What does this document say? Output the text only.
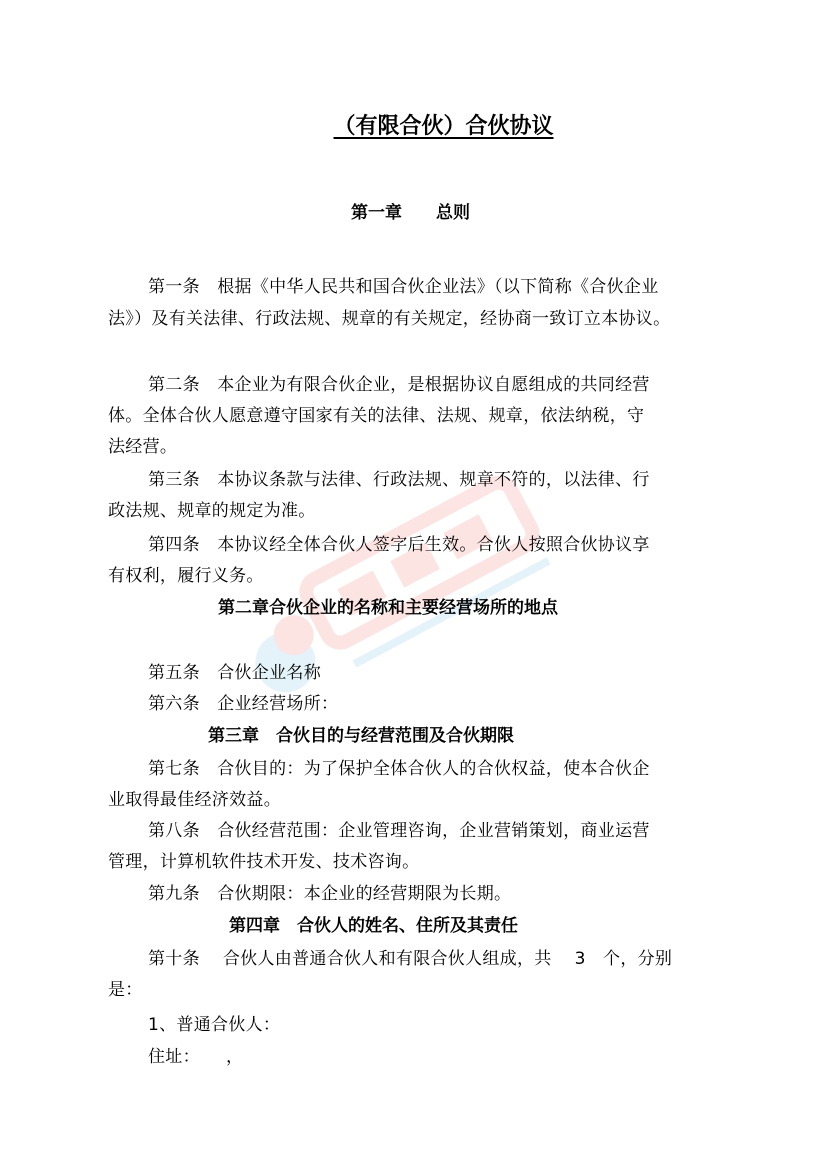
（有限合伙）合伙协议
第一章　　总则
第一条　根据《中华人民共和国合伙企业法》（以下简称《合伙企业
法》）及有关法律、行政法规、规章的有关规定，经协商一致订立本协议。
第二条　本企业为有限合伙企业，是根据协议自愿组成的共同经营
体。全体合伙人愿意遵守国家有关的法律、法规、规章，依法纳税，守
法经营。
第三条　本协议条款与法律、行政法规、规章不符的，以法律、行
政法规、规章的规定为准。
第四条　本协议经全体合伙人签字后生效。合伙人按照合伙协议享
有权利，履行义务。
第二章合伙企业的名称和主要经营场所的地点
第五条　合伙企业名称
第六条　企业经营场所：
第三章　合伙目的与经营范围及合伙期限
第七条　合伙目的：为了保护全体合伙人的合伙权益，使本合伙企
业取得最佳经济效益。
第八条　合伙经营范围：企业管理咨询，企业营销策划，商业运营
管理，计算机软件技术开发、技术咨询。
第九条　合伙期限：本企业的经营期限为长期。
第四章　合伙人的姓名、住所及其责任
第十条　 合伙人由普通合伙人和有限合伙人组成，共　 3　个，分别
是：
1、普通合伙人：
住址：　　，
